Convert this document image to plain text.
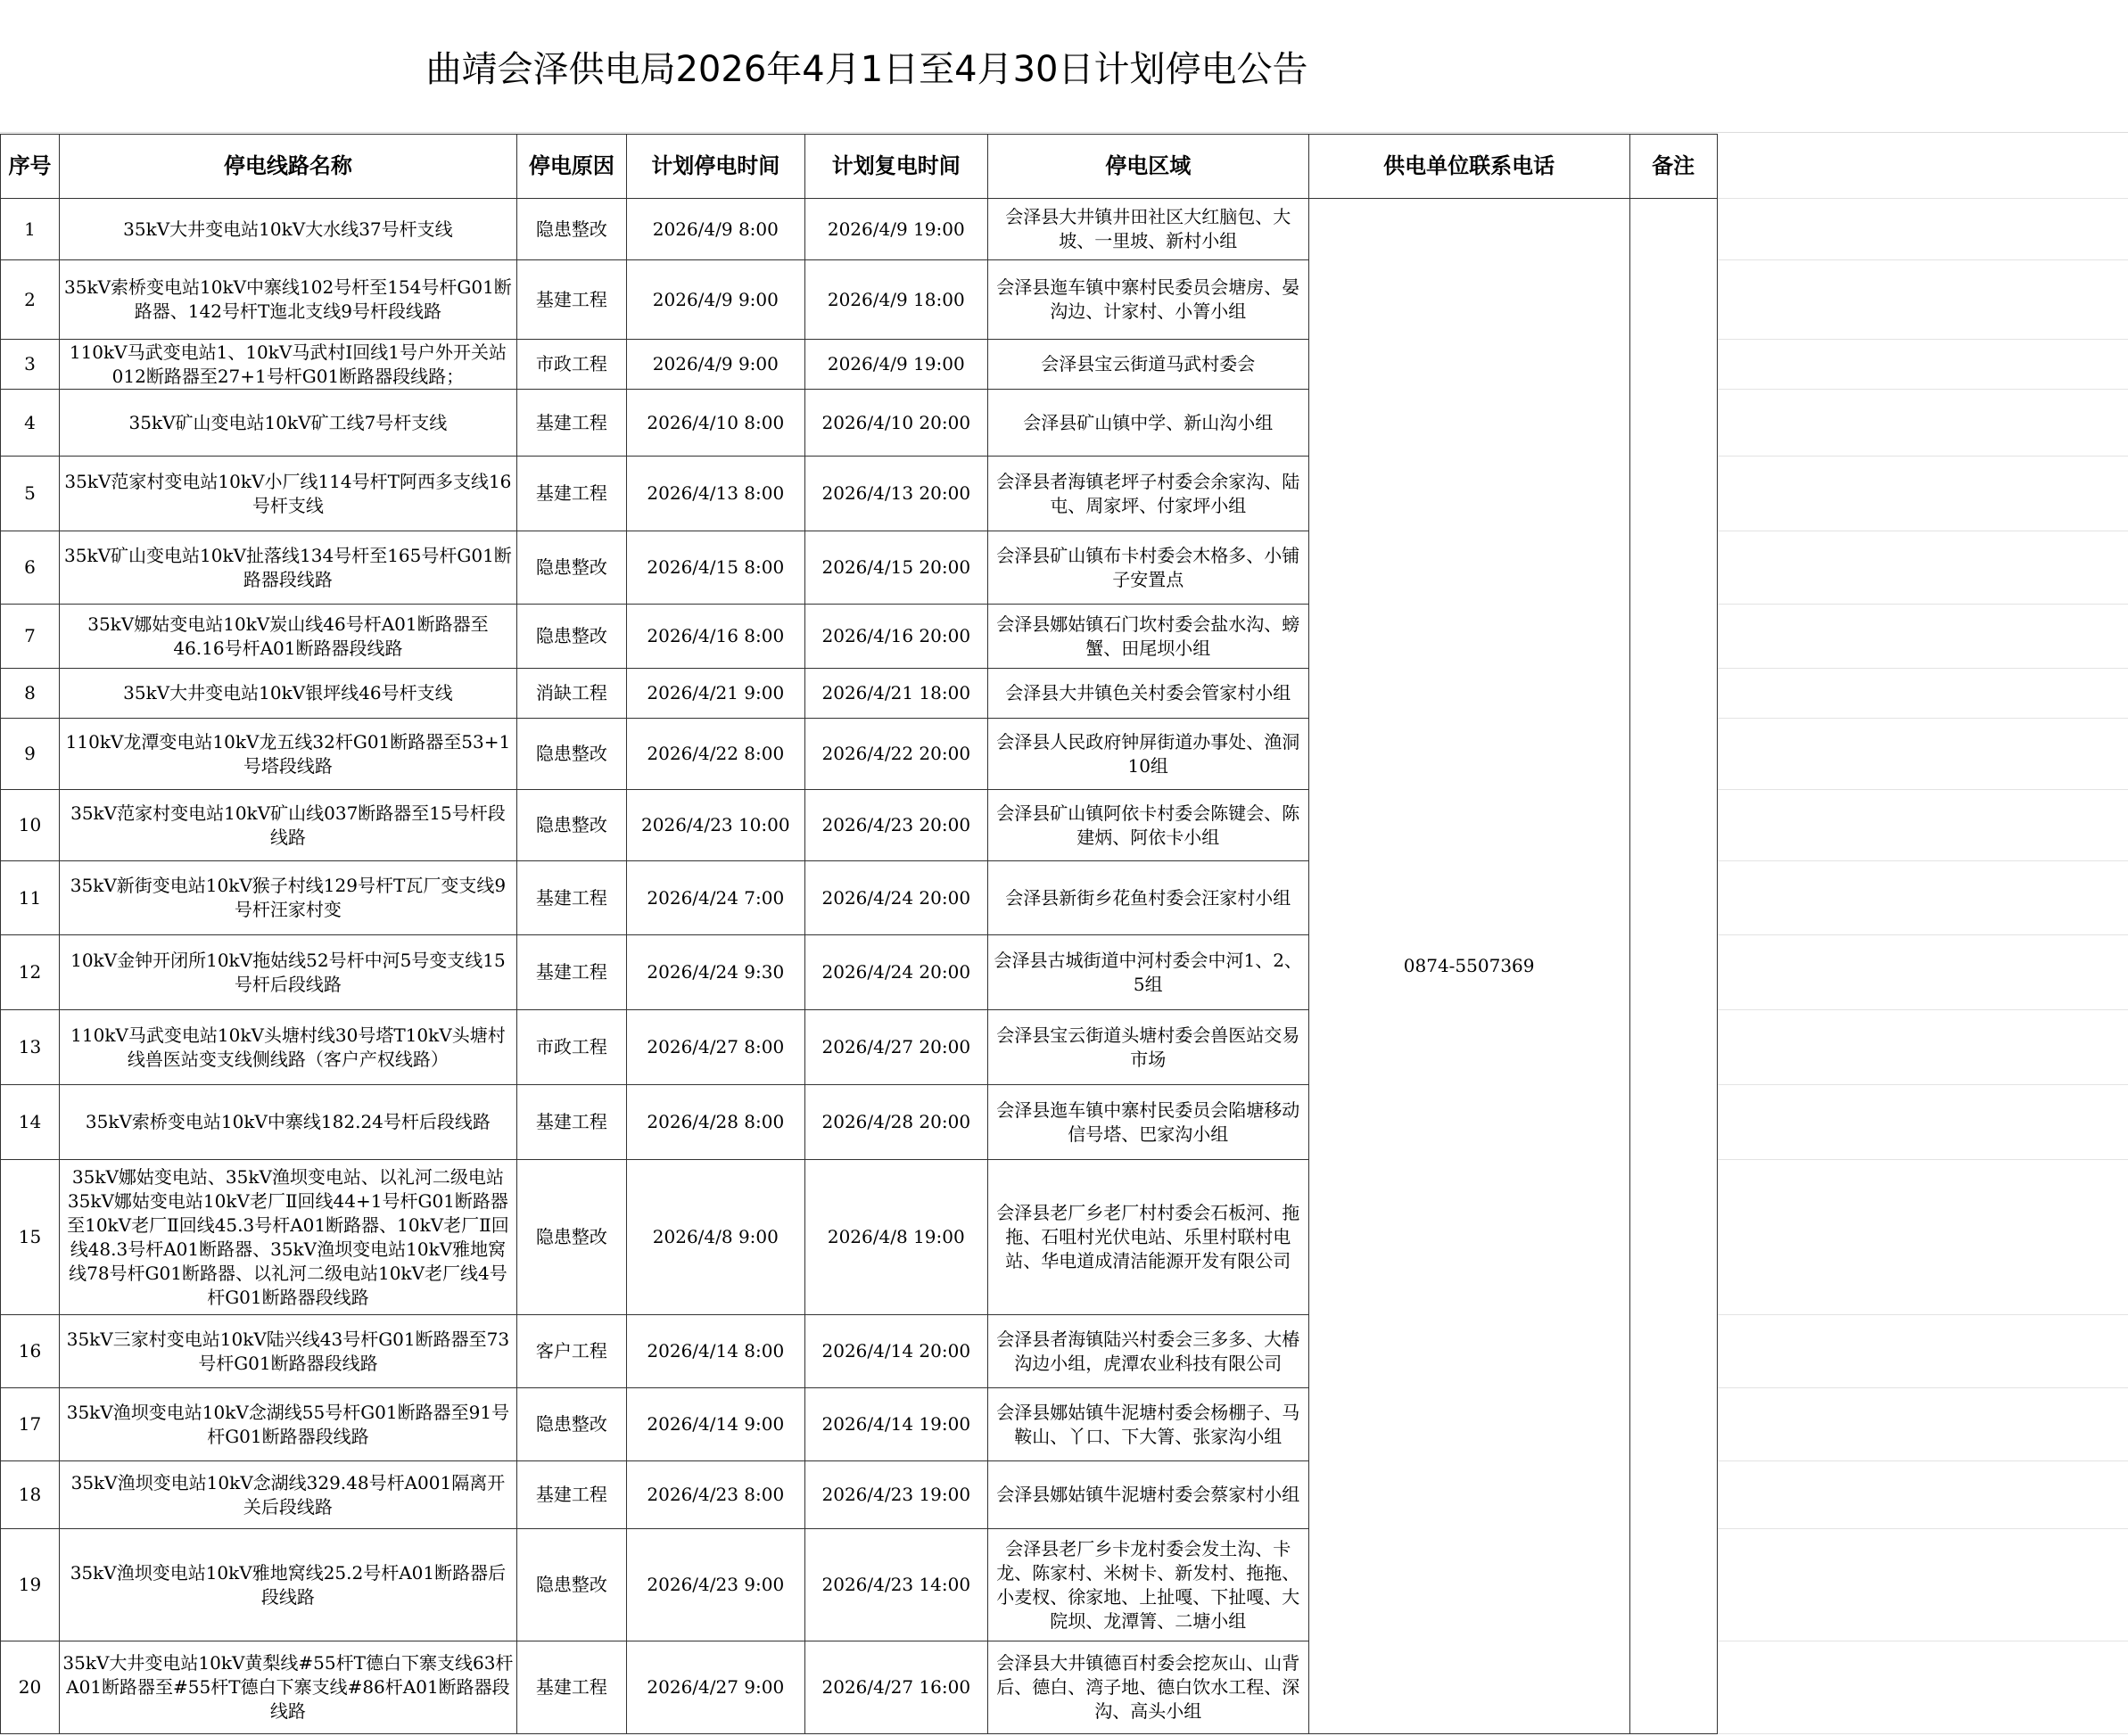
曲靖会泽供电局2026年4月1日至4月30日计划停电公告
序号	停电线路名称	停电原因	计划停电时间	计划复电时间	停电区域	供电单位联系电话	备注	
1	35kV大井变电站10kV大水线37号杆支线	隐患整改	2026/4/9 8:00	2026/4/9 19:00	会泽县大井镇井田社区大红脑包、大坡、一里坡、新村小组	0874-5507369		
2	35kV索桥变电站10kV中寨线102号杆至154号杆G01断路器、142号杆T迤北支线9号杆段线路	基建工程	2026/4/9 9:00	2026/4/9 18:00	会泽县迤车镇中寨村民委员会塘房、晏沟边、计家村、小箐小组			
3	110kV马武变电站1、10kV马武村Ⅰ回线1号户外开关站012断路器至27+1号杆G01断路器段线路；	市政工程	2026/4/9 9:00	2026/4/9 19:00	会泽县宝云街道马武村委会			
4	35kV矿山变电站10kV矿工线7号杆支线	基建工程	2026/4/10 8:00	2026/4/10 20:00	会泽县矿山镇中学、新山沟小组			
5	35kV范家村变电站10kV小厂线114号杆T阿西多支线16号杆支线	基建工程	2026/4/13 8:00	2026/4/13 20:00	会泽县者海镇老坪子村委会余家沟、陆屯、周家坪、付家坪小组			
6	35kV矿山变电站10kV扯落线134号杆至165号杆G01断路器段线路	隐患整改	2026/4/15 8:00	2026/4/15 20:00	会泽县矿山镇布卡村委会木格多、小铺子安置点			
7	35kV娜姑变电站10kV炭山线46号杆A01断路器至46.16号杆A01断路器段线路	隐患整改	2026/4/16 8:00	2026/4/16 20:00	会泽县娜姑镇石门坎村委会盐水沟、螃蟹、田尾坝小组			
8	35kV大井变电站10kV银坪线46号杆支线	消缺工程	2026/4/21 9:00	2026/4/21 18:00	会泽县大井镇色关村委会管家村小组			
9	110kV龙潭变电站10kV龙五线32杆G01断路器至53+1号塔段线路	隐患整改	2026/4/22 8:00	2026/4/22 20:00	会泽县人民政府钟屏街道办事处、渔洞10组			
10	35kV范家村变电站10kV矿山线037断路器至15号杆段线路	隐患整改	2026/4/23 10:00	2026/4/23 20:00	会泽县矿山镇阿依卡村委会陈键会、陈建炳、阿依卡小组			
11	35kV新街变电站10kV猴子村线129号杆T瓦厂变支线9号杆汪家村变	基建工程	2026/4/24 7:00	2026/4/24 20:00	会泽县新街乡花鱼村委会汪家村小组			
12	10kV金钟开闭所10kV拖姑线52号杆中河5号变支线15号杆后段线路	基建工程	2026/4/24 9:30	2026/4/24 20:00	会泽县古城街道中河村委会中河1、2、5组			
13	110kV马武变电站10kV头塘村线30号塔T10kV头塘村线兽医站变支线侧线路（客户产权线路）	市政工程	2026/4/27 8:00	2026/4/27 20:00	会泽县宝云街道头塘村委会兽医站交易市场			
14	35kV索桥变电站10kV中寨线182.24号杆后段线路	基建工程	2026/4/28 8:00	2026/4/28 20:00	会泽县迤车镇中寨村民委员会陷塘移动信号塔、巴家沟小组			
15	35kV娜姑变电站、35kV渔坝变电站、以礼河二级电站35kV娜姑变电站10kV老厂Ⅱ回线44+1号杆G01断路器至10kV老厂Ⅱ回线45.3号杆A01断路器、10kV老厂Ⅱ回线48.3号杆A01断路器、35kV渔坝变电站10kV雅地窝线78号杆G01断路器、以礼河二级电站10kV老厂线4号杆G01断路器段线路	隐患整改	2026/4/8 9:00	2026/4/8 19:00	会泽县老厂乡老厂村村委会石板河、拖拖、石咀村光伏电站、乐里村联村电站、华电道成清洁能源开发有限公司			
16	35kV三家村变电站10kV陆兴线43号杆G01断路器至73号杆G01断路器段线路	客户工程	2026/4/14 8:00	2026/4/14 20:00	会泽县者海镇陆兴村委会三多多、大椿沟边小组，虎潭农业科技有限公司			
17	35kV渔坝变电站10kV念湖线55号杆G01断路器至91号杆G01断路器段线路	隐患整改	2026/4/14 9:00	2026/4/14 19:00	会泽县娜姑镇牛泥塘村委会杨棚子、马鞍山、丫口、下大箐、张家沟小组			
18	35kV渔坝变电站10kV念湖线329.48号杆A001隔离开关后段线路	基建工程	2026/4/23 8:00	2026/4/23 19:00	会泽县娜姑镇牛泥塘村委会蔡家村小组			
19	35kV渔坝变电站10kV雅地窝线25.2号杆A01断路器后段线路	隐患整改	2026/4/23 9:00	2026/4/23 14:00	会泽县老厂乡卡龙村委会发土沟、卡龙、陈家村、米树卡、新发村、拖拖、小麦杈、徐家地、上扯嘎、下扯嘎、大院坝、龙潭箐、二塘小组			
20	35kV大井变电站10kV黄梨线#55杆T德白下寨支线63杆A01断路器至#55杆T德白下寨支线#86杆A01断路器段线路	基建工程	2026/4/27 9:00	2026/4/27 16:00	会泽县大井镇德百村委会挖灰山、山背后、德白、湾子地、德白饮水工程、深沟、高头小组			
